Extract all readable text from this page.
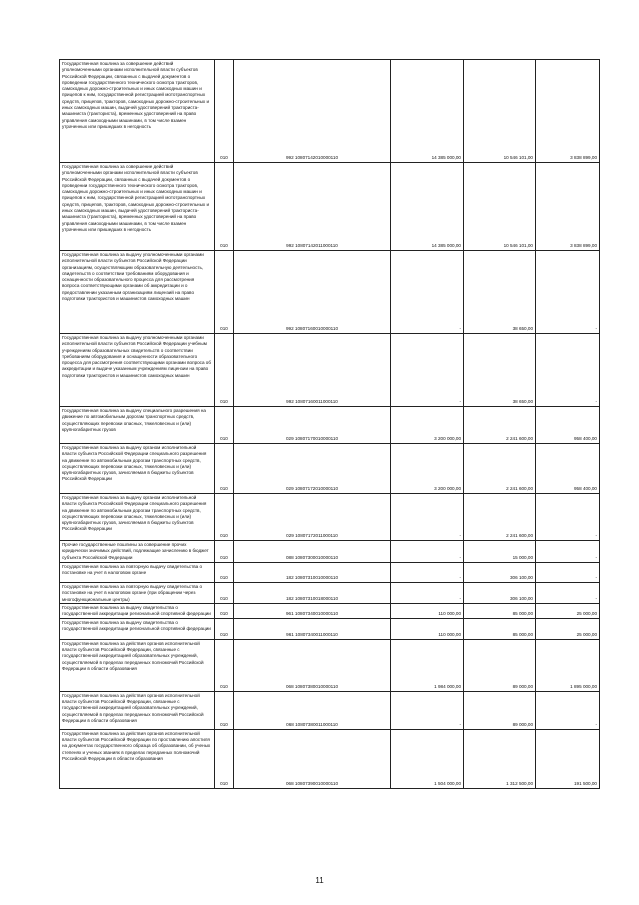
Государственная пошлина за совершение действий уполномоченными органами исполнительной власти субъектов Российской Федерации, связанных с выдачей документов о проведении государственного технического осмотра тракторов, самоходных дорожно-строительных и иных самоходных машин и прицепов к ним, государственной регистрацией мототранспортных средств, прицепов, тракторов, самоходных дорожно-строительных и иных самоходных машин, выдачей удостоверений тракториста-машиниста (тракториста), временных удостоверений на право управления самоходными машинами, в том числе взамен утраченных или пришедших в негодность	010	992 10807142010000110	14 385 000,00	10 546 101,00	3 838 899,00
Государственная пошлина за совершение действий уполномоченными органами исполнительной власти субъектов Российской Федерации, связанных с выдачей документов о проведении государственного технического осмотра тракторов, самоходных дорожно-строительных и иных самоходных машин и прицепов к ним, государственной регистрацией мототранспортных средств, прицепов, тракторов, самоходных дорожно-строительных и иных самоходных машин, выдачей удостоверений тракториста-машиниста (тракториста), временных удостоверений на право управления самоходными машинами, в том числе взамен утраченных или пришедших в негодность	010	992 10807142011000110	14 385 000,00	10 546 101,00	3 838 899,00
Государственная пошлина за выдачу уполномоченными органами исполнительной власти субъектов Российской Федерации организациям, осуществляющим образовательную деятельность, свидетельств о соответствии требованиям оборудования и оснащенности образовательного процесса для рассмотрения вопроса соответствующими органами об аккредитации и о предоставлении указанным организациям лицензий на право подготовки трактористов и машинистов самоходных машин	010	992 10807160010000110	-	38 650,00	-
Государственная пошлина за выдачу уполномоченными органами исполнительной власти субъектов Российской Федерации учебным учреждениям образовательных свидетельств о соответствии требованиям оборудования и оснащенности образовательного процесса для рассмотрения соответствующими органами вопроса об аккредитации и выдаче указанным учреждениям лицензии на право подготовки трактористов и машинистов самоходных машин	010	992 10807160011000110	-	38 650,00	-
Государственная пошлина за выдачу специального разрешения на движение по автомобильным дорогам транспортных средств, осуществляющих перевозки опасных, тяжеловесных и (или) крупногабаритных грузов	010	029 10807170010000110	3 200 000,00	2 241 600,00	958 400,00
Государственная пошлина за выдачу органом исполнительной власти субъекта Российской Федерации специального разрешения на движение по автомобильным дорогам транспортных средств, осуществляющих перевозки опасных, тяжеловесных и (или) крупногабаритных грузов, зачисляемая в бюджеты субъектов Российской Федерации	010	029 10807172010000110	3 200 000,00	2 241 600,00	958 400,00
Государственная пошлина за выдачу органом исполнительной власти субъекта Российской Федерации специального разрешения на движение по автомобильным дорогам транспортных средств, осуществляющих перевозки опасных, тяжеловесных и (или) крупногабаритных грузов, зачисляемая в бюджеты субъектов Российской Федерации	010	029 10807172011000110	-	2 241 600,00	-
Прочие государственные пошлины за совершение прочих юридически значимых действий, подлежащие зачислению в бюджет субъекта Российской Федерации	010	088 10807300010000110	-	15 000,00	-
Государственная пошлина за повторную выдачу свидетельства о постановке на учет в налоговом органе	010	182 10807310010000110	-	306 100,00	-
Государственная пошлина за повторную выдачу свидетельства о постановке на учет в налоговом органе (при обращении через многофункциональные центры)	010	182 10807310018000110	-	306 100,00	-
Государственная пошлина за выдачу свидетельства о государственной аккредитации региональной спортивной федерации	010	961 10807340010000110	110 000,00	85 000,00	25 000,00
Государственная пошлина за выдачу свидетельства о государственной аккредитации региональной спортивной федерации	010	961 10807340011000110	110 000,00	85 000,00	25 000,00
Государственная пошлина за действия органов исполнительной власти субъектов Российской Федерации, связанные с государственной аккредитацией образовательных учреждений, осуществляемой в пределах переданных полномочий Российской Федерации в области образования	010	068 10807380010000110	1 984 000,00	89 000,00	1 895 000,00
Государственная пошлина за действия органов исполнительной власти субъектов Российской Федерации, связанные с государственной аккредитацией образовательных учреждений, осуществляемой в пределах переданных полномочий Российской Федерации в области образования	010	068 10807380011000110	-	89 000,00	-
Государственная пошлина за действия органов исполнительной власти субъектов Российской Федерации по проставлению апостиля на документах государственного образца об образовании, об ученых степенях и ученых званиях в пределах переданных полномочий Российской Федерации в области образования	010	068 10807390010000110	1 504 000,00	1 312 500,00	191 500,00
11
